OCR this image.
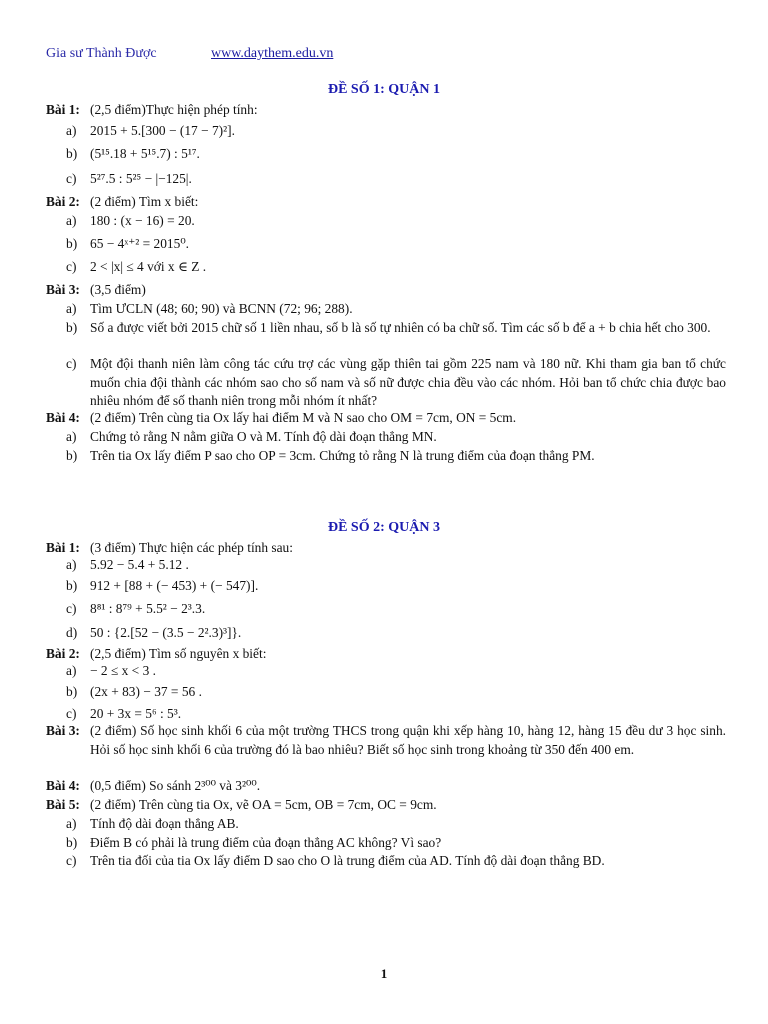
Gia sư Thành Được	www.daythem.edu.vn
ĐỀ SỐ 1: QUẬN 1
Bài 1: (2,5 điểm)Thực hiện phép tính:
a) 2015 + 5.[300 − (17 − 7)²].
b) (5¹⁵.18 + 5¹⁵.7) : 5¹⁷.
c) 5²⁷.5 : 5²⁵ − |−125|.
Bài 2: (2 điểm) Tìm x biết:
a) 180 : (x − 16) = 20.
b) 65 − 4ˣ⁺² = 2015⁰.
c) 2 < |x| ≤ 4 với x ∈ Z .
Bài 3: (3,5 điểm)
a) Tìm ƯCLN (48; 60; 90) và BCNN (72; 96; 288).
b) Số a được viết bởi 2015 chữ số 1 liền nhau, số b là số tự nhiên có ba chữ số. Tìm các số b để a + b chia hết cho 300.
c)	Một đội thanh niên làm công tác cứu trợ các vùng gặp thiên tai gồm 225 nam và 180 nữ. Khi tham gia ban tổ chức muốn chia đội thành các nhóm sao cho số nam và số nữ được chia đều vào các nhóm. Hỏi ban tổ chức chia được bao nhiêu nhóm để số thanh niên trong mỗi nhóm ít nhất?
Bài 4: (2 điểm) Trên cùng tia Ox lấy hai điểm M và N sao cho OM = 7cm, ON = 5cm.
a) Chứng tỏ rằng N nằm giữa O và M. Tính độ dài đoạn thẳng MN.
b) Trên tia Ox lấy điểm P sao cho OP = 3cm. Chứng tỏ rằng N là trung điểm của đoạn thẳng PM.
ĐỀ SỐ 2: QUẬN 3
Bài 1: (3 điểm) Thực hiện các phép tính sau:
a) 5.92 − 5.4 + 5.12 .
b) 912 + [88 + (− 453) + (− 547)].
c) 8⁸¹ : 8⁷⁹ + 5.5² − 2³.3.
d) 50 : {2.[52 − (3.5 − 2².3)³]}.
Bài 2: (2,5 điểm) Tìm số nguyên x biết:
a) − 2 ≤ x < 3 .
b) (2x + 83) − 37 = 56 .
c) 20 + 3x = 5⁶ : 5³.
Bài 3: (2 điểm) Số học sinh khối 6 của một trường THCS trong quận khi xếp hàng 10, hàng 12, hàng 15 đều dư 3 học sinh. Hỏi số học sinh khối 6 của trường đó là bao nhiêu? Biết số học sinh trong khoảng từ 350 đến 400 em.
Bài 4: (0,5 điểm) So sánh 2³⁰⁰ và 3²⁰⁰.
Bài 5: (2 điểm) Trên cùng tia Ox, vẽ OA = 5cm, OB = 7cm, OC = 9cm.
a) Tính độ dài đoạn thẳng AB.
b) Điểm B có phải là trung điểm của đoạn thẳng AC không? Vì sao?
c) Trên tia đối của tia Ox lấy điểm D sao cho O là trung điểm của AD. Tính độ dài đoạn thẳng BD.
1
